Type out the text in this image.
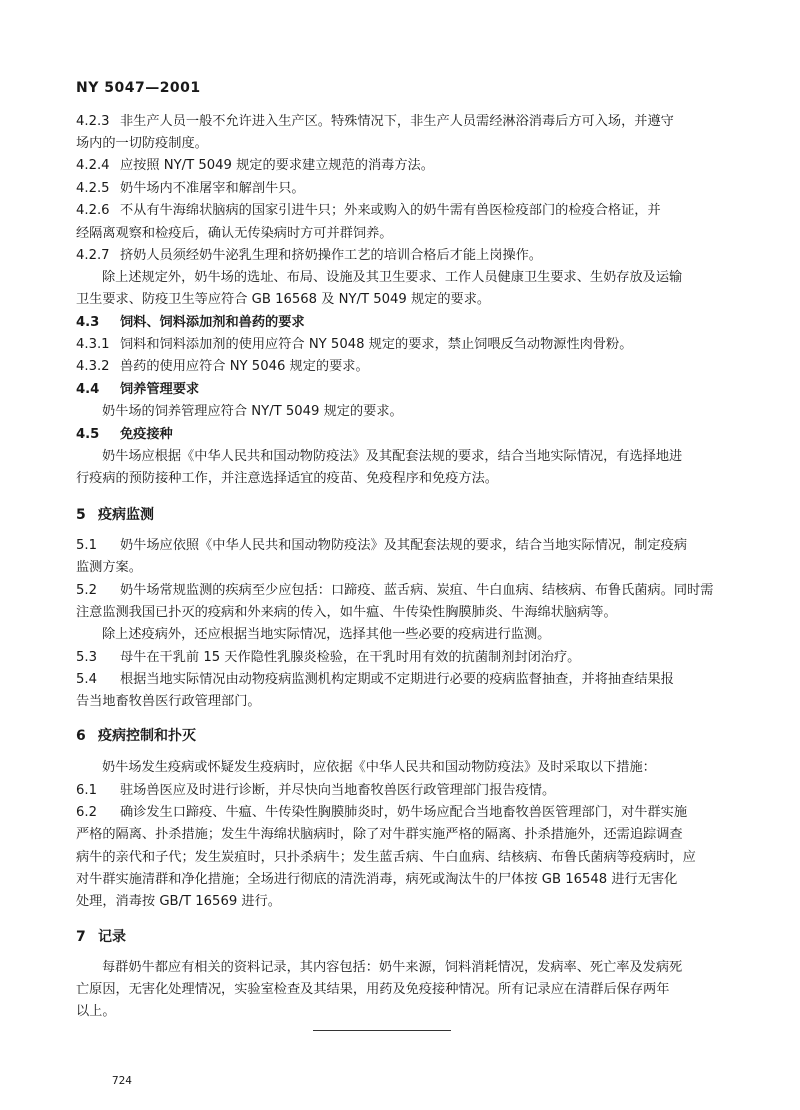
NY 5047—2001
4.2.3 非生产人员一般不允许进入生产区。特殊情况下，非生产人员需经淋浴消毒后方可入场，并遵守
场内的一切防疫制度。
4.2.4 应按照 NY/T 5049 规定的要求建立规范的消毒方法。
4.2.5 奶牛场内不准屠宰和解剖牛只。
4.2.6 不从有牛海绵状脑病的国家引进牛只；外来或购入的奶牛需有兽医检疫部门的检疫合格证，并
经隔离观察和检疫后，确认无传染病时方可并群饲养。
4.2.7 挤奶人员须经奶牛泌乳生理和挤奶操作工艺的培训合格后才能上岗操作。
除上述规定外，奶牛场的选址、布局、设施及其卫生要求、工作人员健康卫生要求、生奶存放及运输
卫生要求、防疫卫生等应符合 GB 16568 及 NY/T 5049 规定的要求。
4.3 饲料、饲料添加剂和兽药的要求
4.3.1 饲料和饲料添加剂的使用应符合 NY 5048 规定的要求，禁止饲喂反刍动物源性肉骨粉。
4.3.2 兽药的使用应符合 NY 5046 规定的要求。
4.4 饲养管理要求
奶牛场的饲养管理应符合 NY/T 5049 规定的要求。
4.5 免疫接种
奶牛场应根据《中华人民共和国动物防疫法》及其配套法规的要求，结合当地实际情况，有选择地进
行疫病的预防接种工作，并注意选择适宜的疫苗、免疫程序和免疫方法。
5 疫病监测
5.1 奶牛场应依照《中华人民共和国动物防疫法》及其配套法规的要求，结合当地实际情况，制定疫病
监测方案。
5.2 奶牛场常规监测的疾病至少应包括：口蹄疫、蓝舌病、炭疽、牛白血病、结核病、布鲁氏菌病。同时需
注意监测我国已扑灭的疫病和外来病的传入，如牛瘟、牛传染性胸膜肺炎、牛海绵状脑病等。
除上述疫病外，还应根据当地实际情况，选择其他一些必要的疫病进行监测。
5.3 母牛在干乳前 15 天作隐性乳腺炎检验，在干乳时用有效的抗菌制剂封闭治疗。
5.4 根据当地实际情况由动物疫病监测机构定期或不定期进行必要的疫病监督抽查，并将抽查结果报
告当地畜牧兽医行政管理部门。
6 疫病控制和扑灭
奶牛场发生疫病或怀疑发生疫病时，应依据《中华人民共和国动物防疫法》及时采取以下措施：
6.1 驻场兽医应及时进行诊断，并尽快向当地畜牧兽医行政管理部门报告疫情。
6.2 确诊发生口蹄疫、牛瘟、牛传染性胸膜肺炎时，奶牛场应配合当地畜牧兽医管理部门，对牛群实施
严格的隔离、扑杀措施；发生牛海绵状脑病时，除了对牛群实施严格的隔离、扑杀措施外，还需追踪调查
病牛的亲代和子代；发生炭疽时，只扑杀病牛；发生蓝舌病、牛白血病、结核病、布鲁氏菌病等疫病时，应
对牛群实施清群和净化措施；全场进行彻底的清洗消毒，病死或淘汰牛的尸体按 GB 16548 进行无害化
处理，消毒按 GB/T 16569 进行。
7 记录
每群奶牛都应有相关的资料记录，其内容包括：奶牛来源，饲料消耗情况，发病率、死亡率及发病死
亡原因，无害化处理情况，实验室检查及其结果，用药及免疫接种情况。所有记录应在清群后保存两年
以上。
724
